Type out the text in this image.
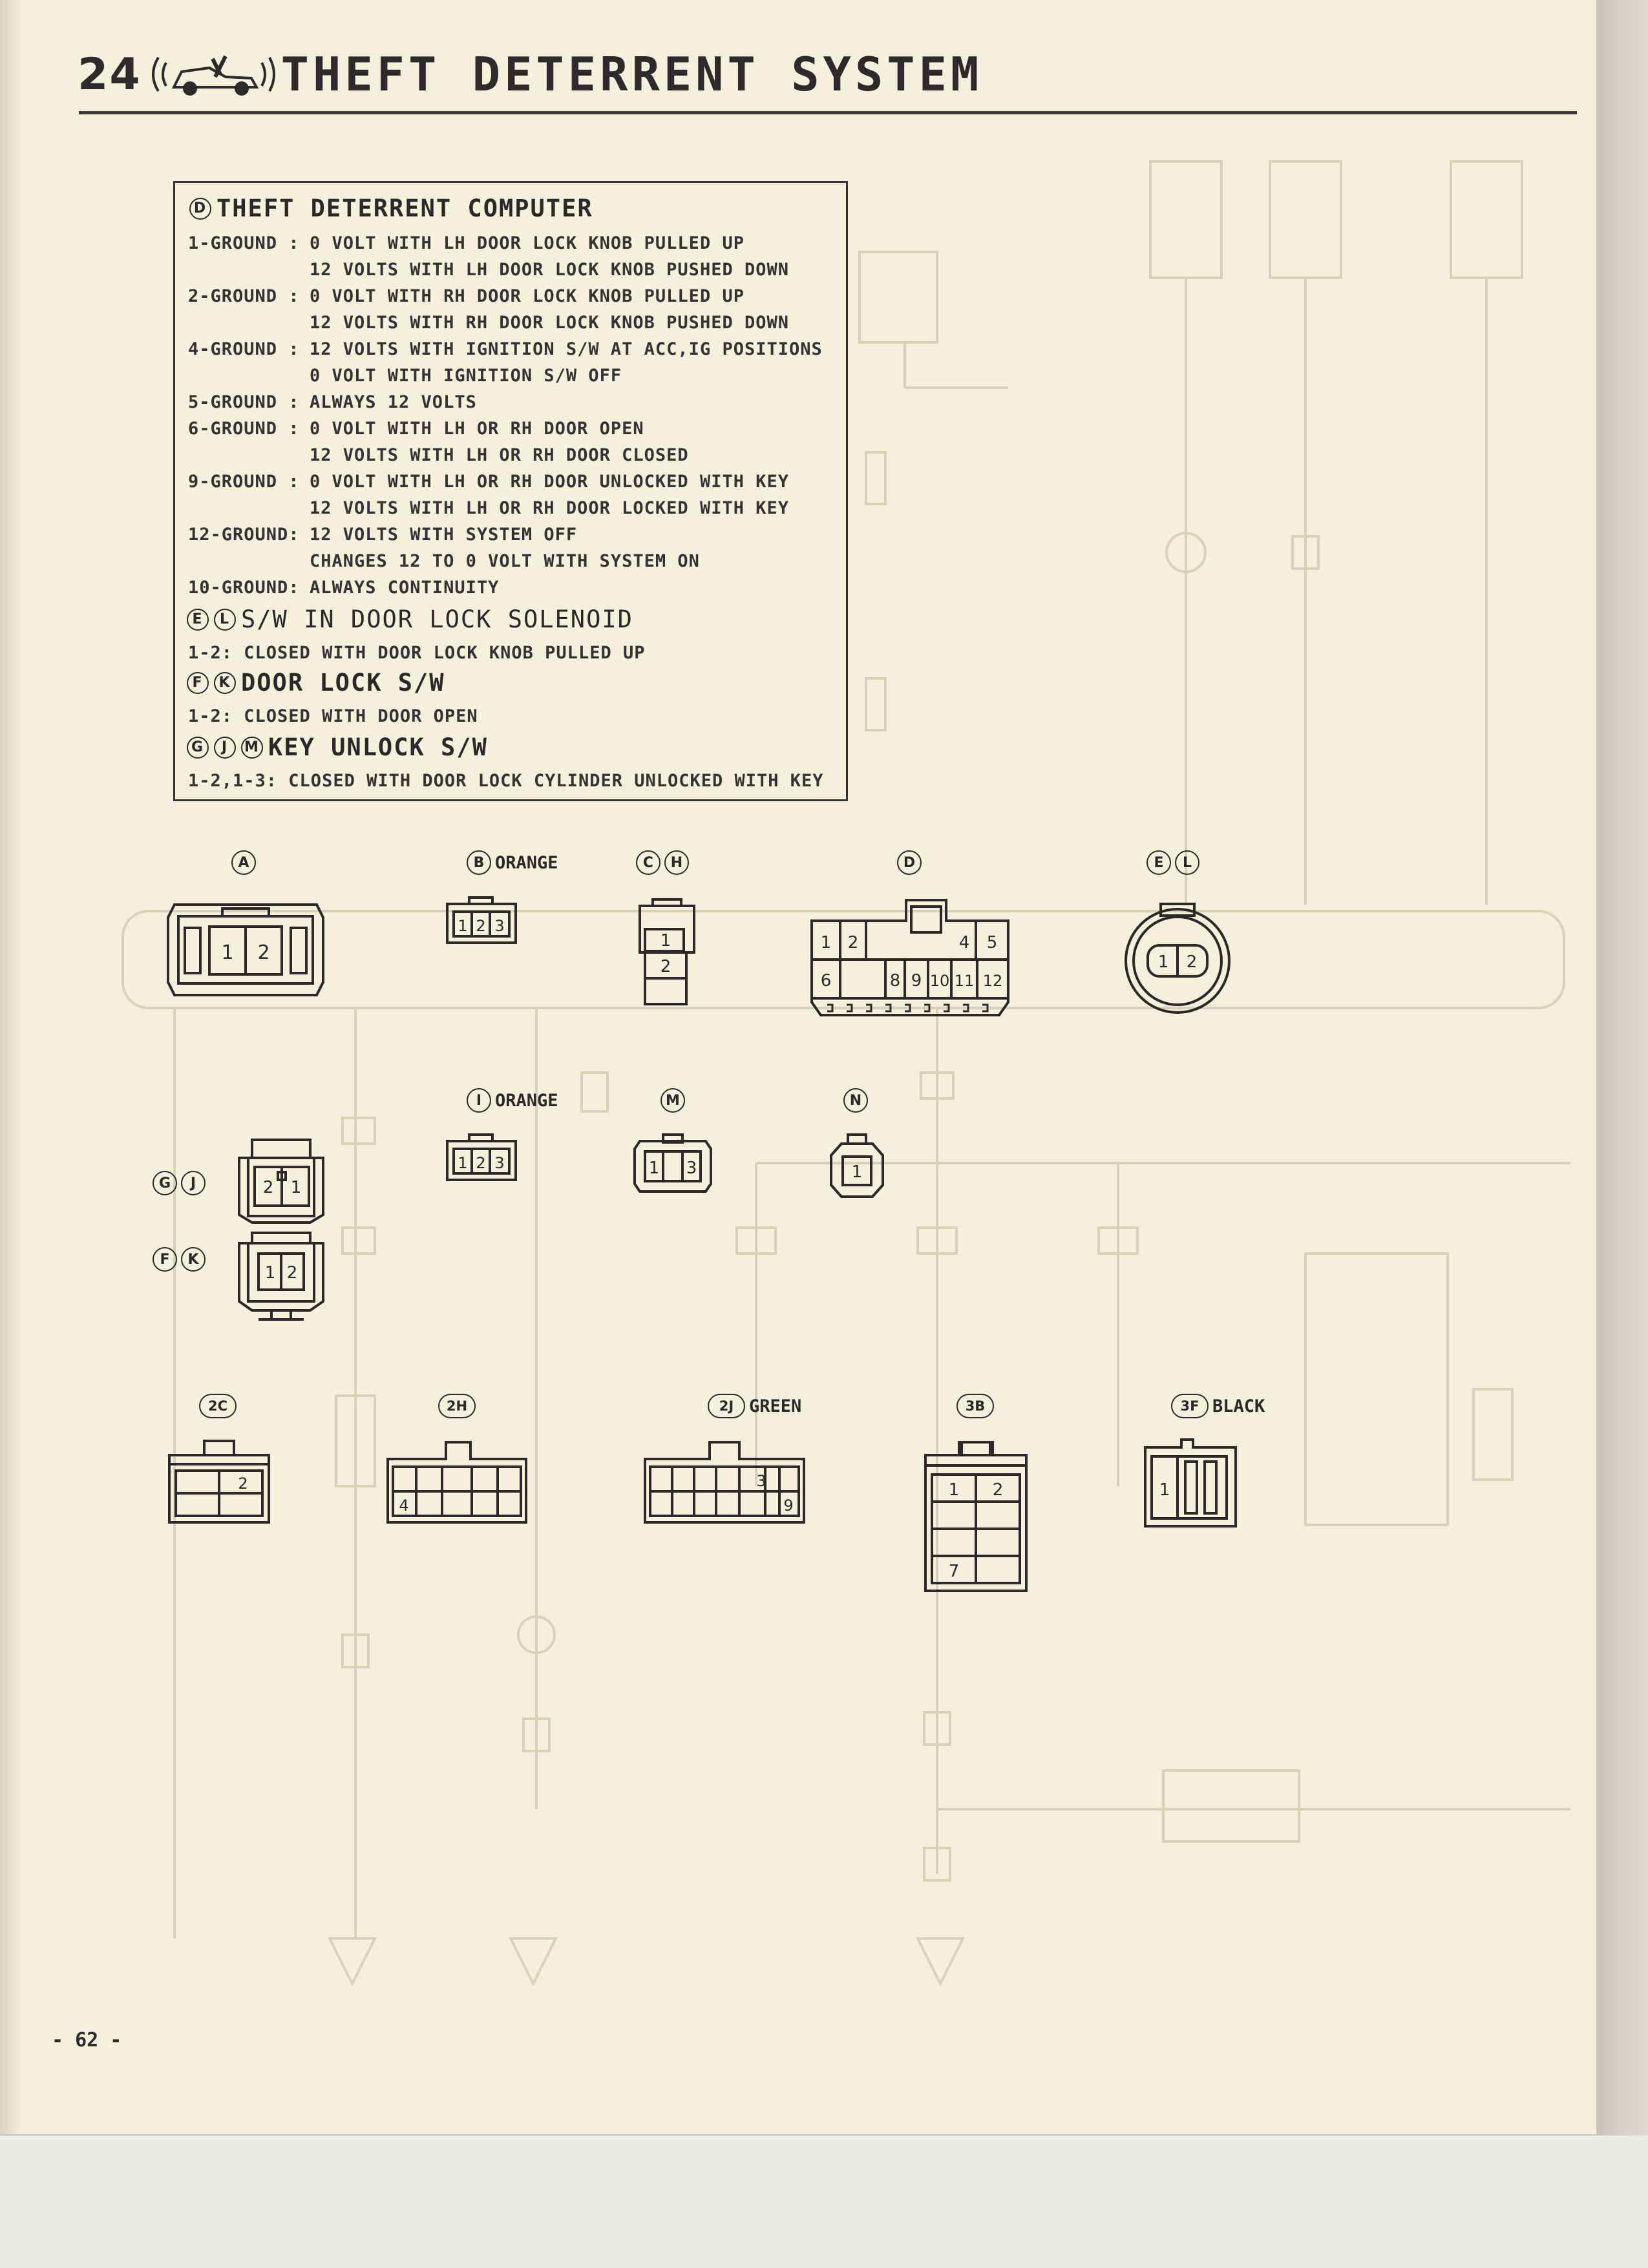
24	THEFT DETERRENT SYSTEM
D THEFT DETERRENT COMPUTER
1-GROUND : 0 VOLT WITH LH DOOR LOCK KNOB PULLED UP
12 VOLTS WITH LH DOOR LOCK KNOB PUSHED DOWN
2-GROUND : 0 VOLT WITH RH DOOR LOCK KNOB PULLED UP
12 VOLTS WITH RH DOOR LOCK KNOB PUSHED DOWN
4-GROUND : 12 VOLTS WITH IGNITION S/W AT ACC,IG POSITIONS
0 VOLT WITH IGNITION S/W OFF
5-GROUND : ALWAYS 12 VOLTS
6-GROUND : 0 VOLT WITH LH OR RH DOOR OPEN
12 VOLTS WITH LH OR RH DOOR CLOSED
9-GROUND : 0 VOLT WITH LH OR RH DOOR UNLOCKED WITH KEY
12 VOLTS WITH LH OR RH DOOR LOCKED WITH KEY
12-GROUND: 12 VOLTS WITH SYSTEM OFF
CHANGES 12 TO 0 VOLT WITH SYSTEM ON
10-GROUND: ALWAYS CONTINUITY
E	L S/W IN DOOR LOCK SOLENOID
1-2: CLOSED WITH DOOR LOCK KNOB PULLED UP
F	K DOOR LOCK S/W
1-2: CLOSED WITH DOOR OPEN
G	J	M KEY UNLOCK S/W
1-2,1-3: CLOSED WITH DOOR LOCK CYLINDER UNLOCKED WITH KEY
A
1 2
B ORANGE
1 2 3
C	H
1
2
D
1 2	4 5
6	8 9 10 11 12
E	L
1 2
I ORANGE
1 2 3
M
1 3
N
1
G	J
F	K
2 1
1 2
2C
2
2H
4
2J GREEN
3
9
3B
1 2
7
3F BLACK
1
- 62 -
